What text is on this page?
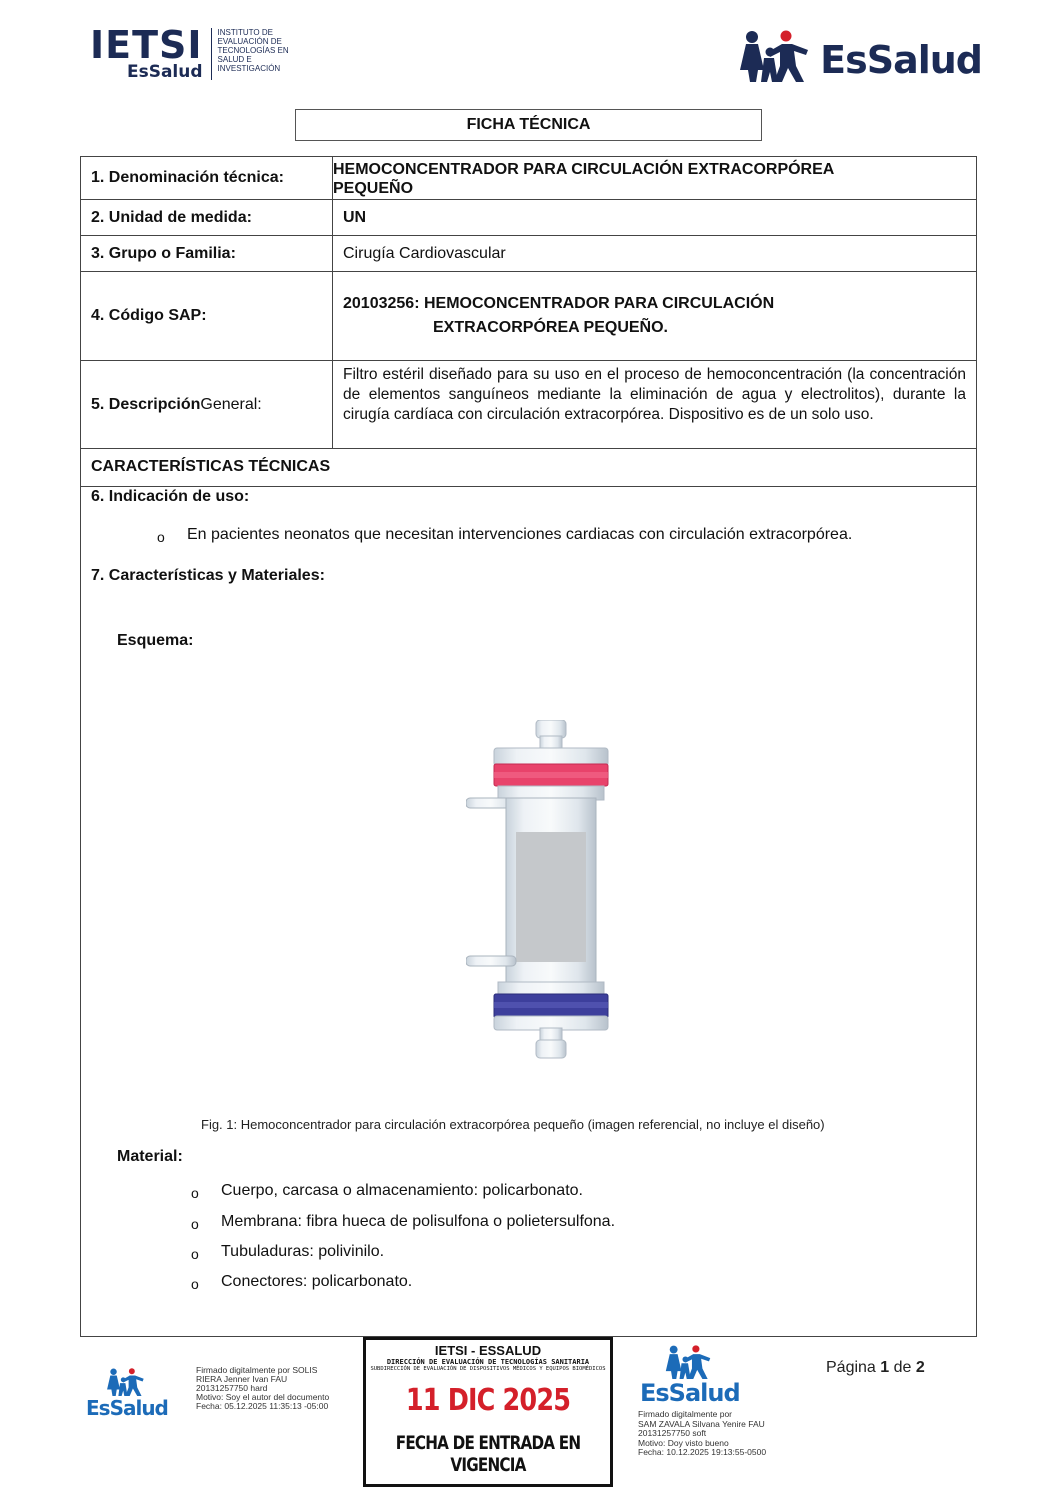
IETSI
EsSalud
INSTITUTO DE
EVALUACIÓN DE
TECNOLOGÍAS EN
SALUD E
INVESTIGACIÓN	EsSalud
FICHA TÉCNICA
1. Denominación técnica:	HEMOCONCENTRADOR PARA CIRCULACIÓN EXTRACORPÓREA
PEQUEÑO
2. Unidad de medida:	UN
3. Grupo o Familia:	Cirugía Cardiovascular
4. Código SAP:
20103256: HEMOCONCENTRADOR PARA CIRCULACIÓN
EXTRACORPÓREA PEQUEÑO.
5. Descripción General:
Filtro estéril diseñado para su uso en el proceso de hemoconcentración (la concentración de elementos sanguíneos mediante la eliminación de agua y electrolitos), durante la cirugía cardíaca con circulación extracorpórea. Dispositivo es de un solo uso.
CARACTERÍSTICAS TÉCNICAS
6. Indicación de uso:
o En pacientes neonatos que necesitan intervenciones cardiacas con circulación extracorpórea.
7. Características y Materiales:
Esquema:
Fig. 1: Hemoconcentrador para circulación extracorpórea pequeño (imagen referencial, no incluye el diseño)
Material:
o Cuerpo, carcasa o almacenamiento: policarbonato.
o Membrana: fibra hueca de polisulfona o polietersulfona.
o Tubuladuras: polivinilo.
o Conectores: policarbonato.
EsSalud
Firmado digitalmente por SOLIS
RIERA Jenner Ivan FAU
20131257750 hard
Motivo: Soy el autor del documento
Fecha: 05.12.2025 11:35:13 -05:00
IETSI - ESSALUD
DIRECCIÓN DE EVALUACIÓN DE TECNOLOGÍAS SANITARIA
SUBDIRECCIÓN DE EVALUACIÓN DE DISPOSITIVOS MÉDICOS Y EQUIPOS BIOMÉDICOS
11 DIC 2025
FECHA DE ENTRADA EN VIGENCIA
EsSalud
Firmado digitalmente por
SAM ZAVALA Silvana Yenire FAU
20131257750 soft
Motivo: Doy visto bueno
Fecha: 10.12.2025 19:13:55-0500
Página 1 de 2
